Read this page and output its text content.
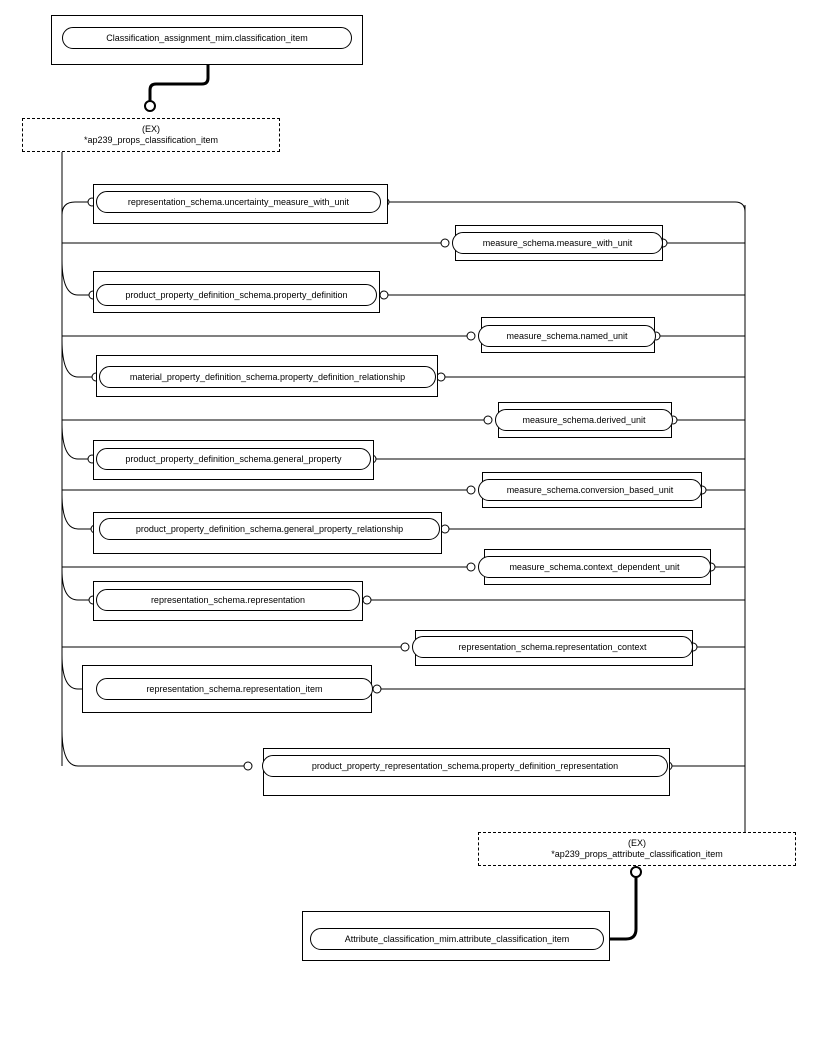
Classification_assignment_mim.classification_item
(EX)
*ap239_props_classification_item
representation_schema.uncertainty_measure_with_unit
product_property_definition_schema.property_definition
material_property_definition_schema.property_definition_relationship
product_property_definition_schema.general_property
product_property_definition_schema.general_property_relationship
representation_schema.representation
representation_schema.representation_item
measure_schema.measure_with_unit
measure_schema.named_unit
measure_schema.derived_unit
measure_schema.conversion_based_unit
measure_schema.context_dependent_unit
representation_schema.representation_context
product_property_representation_schema.property_definition_representation
(EX)
*ap239_props_attribute_classification_item
Attribute_classification_mim.attribute_classification_item
